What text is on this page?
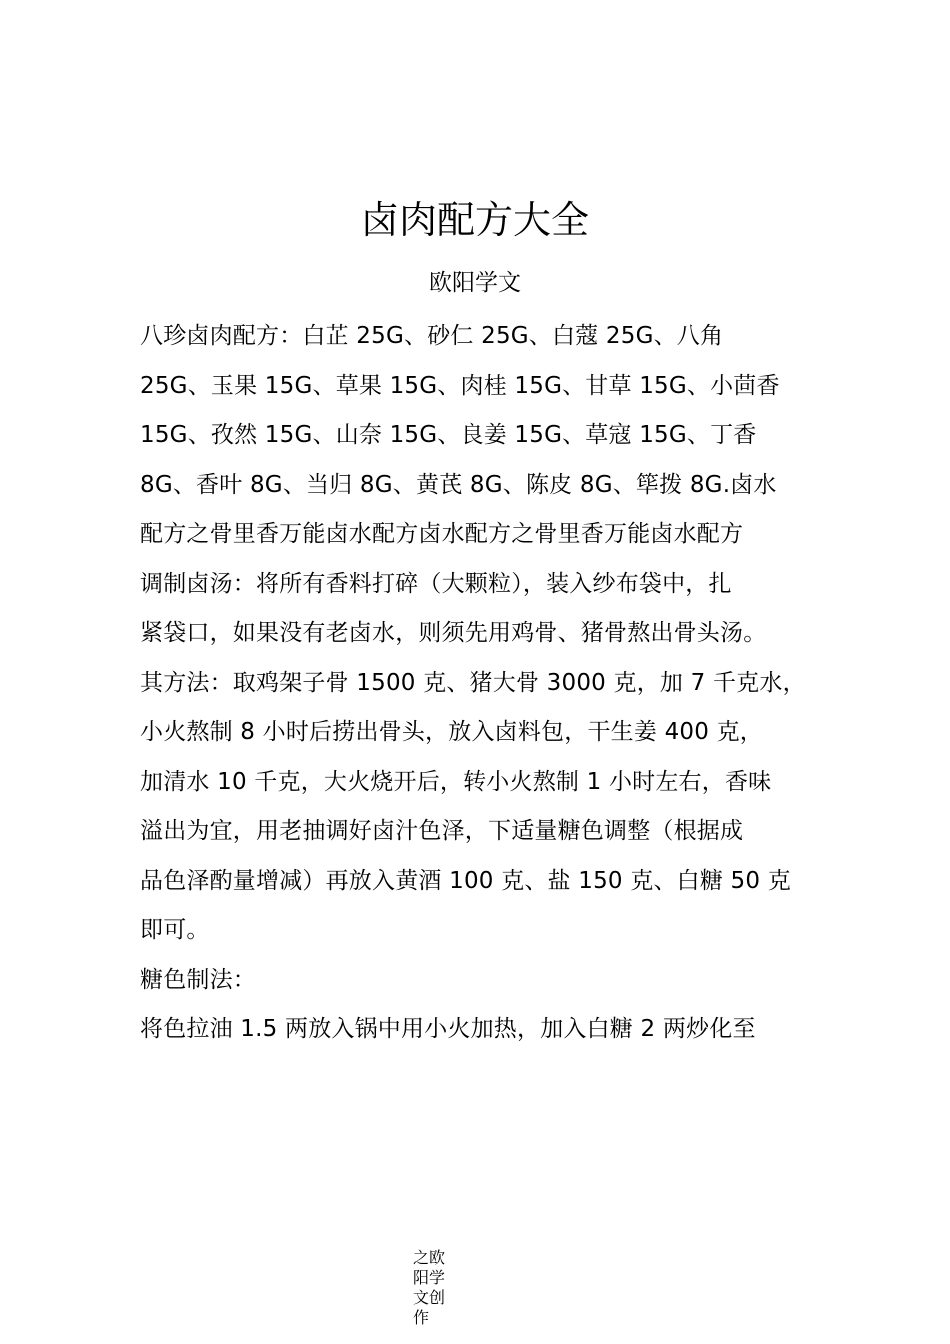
卤肉配方大全
欧阳学文
八珍卤肉配方：白芷 25G、砂仁 25G、白蔻 25G、八角
25G、玉果 15G、草果 15G、肉桂 15G、甘草 15G、小茴香
15G、孜然 15G、山奈 15G、良姜 15G、草寇 15G、丁香
8G、香叶 8G、当归 8G、黄芪 8G、陈皮 8G、筚拨 8G.卤水
配方之骨里香万能卤水配方卤水配方之骨里香万能卤水配方
调制卤汤：将所有香料打碎（大颗粒），装入纱布袋中，扎
紧袋口，如果没有老卤水，则须先用鸡骨、猪骨熬出骨头汤。
其方法：取鸡架子骨 1500 克、猪大骨 3000 克，加 7 千克水，
小火熬制 8 小时后捞出骨头，放入卤料包，干生姜 400 克，
加清水 10 千克，大火烧开后，转小火熬制 1 小时左右，香味
溢出为宜，用老抽调好卤汁色泽，下适量糖色调整（根据成
品色泽酌量增减）再放入黄酒 100 克、盐 150 克、白糖 50 克
即可。
糖色制法：
将色拉油 1.5 两放入锅中用小火加热，加入白糖 2 两炒化至
之欧阳学文创作
